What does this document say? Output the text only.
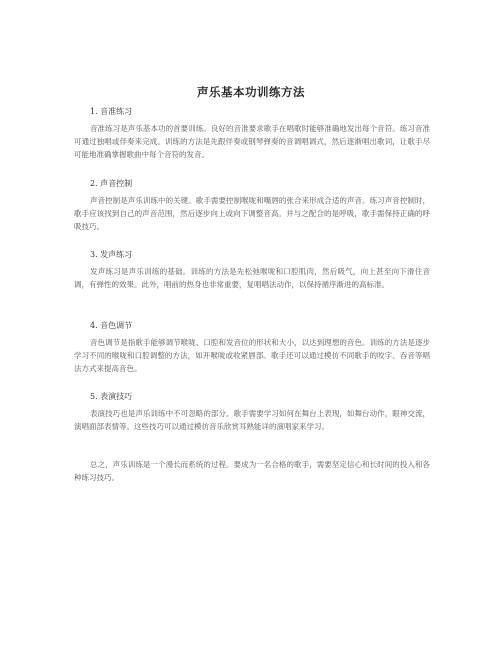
声乐基本功训练方法
1. 音准练习
音准练习是声乐基本功的首要训练。良好的音准要求歌手在唱歌时能够准确地发出每个音符。练习音准可通过独唱或伴奏来完成。训练的方法是先跟伴奏或钢琴弹奏的音调唱调式，然后逐渐唱出歌词，让歌手尽可能地准确掌握歌曲中每个音符的发音。
2. 声音控制
声音控制是声乐训练中的关键。歌手需要控制喉咙和嘴唇的张合来形成合适的声音。练习声音控制时，歌手应该找到自己的声音范围，然后逐步向上或向下调整音高。并与之配合的是呼吸，歌手需保持正确的呼吸技巧。
3. 发声练习
发声练习是声乐训练的基础。训练的方法是先松弛喉咙和口腔肌肉，然后吸气，向上甚至向下滑住音调，有弹性的效果。此外，唱前的热身也非常重要，复唱唱法动作，以保持循序渐进的高标准。
4. 音色调节
音色调节是指歌手能够调节喉咙、口腔和发音位的形状和大小，以达到理想的音色。训练的方法是逐步学习不同的喉咙和口腔调整的方法，如开喉咙或收紧唇部。歌手还可以通过模仿不同歌手的咬字、吞音等唱法方式来提高音色。
5. 表演技巧
表演技巧也是声乐训练中不可忽略的部分。歌手需要学习如何在舞台上表现，如舞台动作，眼神交流，演唱面部表情等。这些技巧可以通过模仿音乐欣赏耳熟能详的演唱家来学习。
总之，声乐训练是一个漫长而系统的过程。要成为一名合格的歌手，需要坚定信心和长时间的投入和各种练习技巧。
